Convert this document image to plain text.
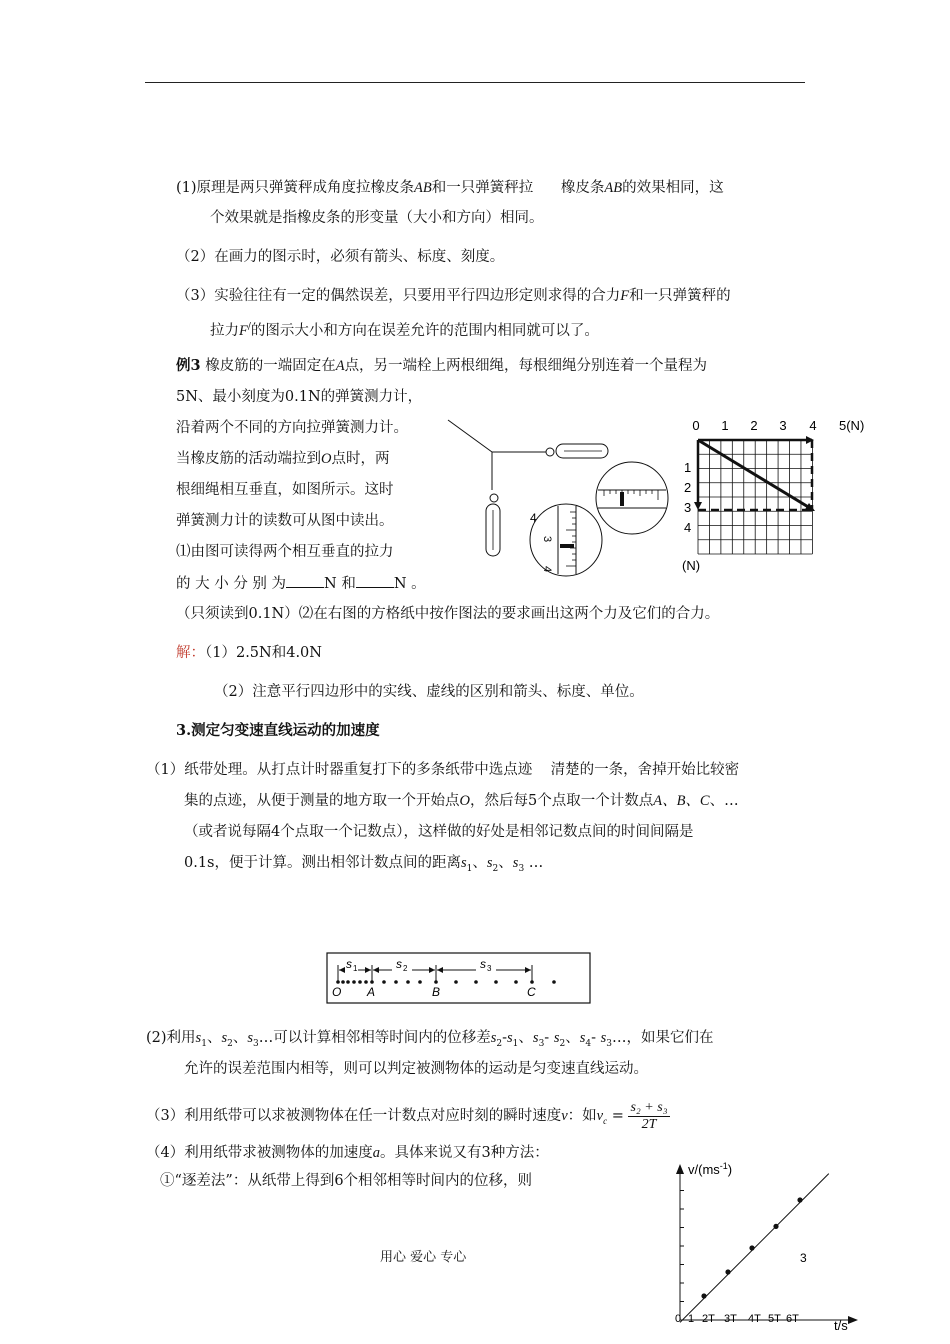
(1)原理是两只弹簧秤成角度拉橡皮条AB和一只弹簧秤拉 橡皮条AB的效果相同，这
个效果就是指橡皮条的形变量（大小和方向）相同。
（2）在画力的图示时，必须有箭头、标度、刻度。
（3）实验往往有一定的偶然误差，只要用平行四边形定则求得的合力F和一只弹簧秤的
拉力F/的图示大小和方向在误差允许的范围内相同就可以了。
例3 橡皮筋的一端固定在A点，另一端栓上两根细绳，每根细绳分别连着一个量程为
5N、最小刻度为0.1N的弹簧测力计，
沿着两个不同的方向拉弹簧测力计。
当橡皮筋的活动端拉到O点时，两
根细绳相互垂直，如图所示。这时
弹簧测力计的读数可从图中读出。
⑴由图可读得两个相互垂直的拉力
的 大 小 分 别 为	N 和	N 。
（只须读到0.1N）⑵在右图的方格纸中按作图法的要求画出这两个力及它们的合力。
4
3
4
0 1 2 3 4 5(N)
1
2
3
4
(N)
解：（1）2.5N和4.0N
（2）注意平行四边形中的实线、虚线的区别和箭头、标度、单位。
3.测定匀变速直线运动的加速度
（1）纸带处理。从打点计时器重复打下的多条纸带中选点迹 清楚的一条，舍掉开始比较密
集的点迹，从便于测量的地方取一个开始点O，然后每5个点取一个计数点A、B、C、…
（或者说每隔4个点取一个记数点），这样做的好处是相邻记数点间的时间间隔是
0.1s，便于计算。测出相邻计数点间的距离$s_1$、$s_2$、$s_3$ …
s 1	s 2	s 3
O A	B	C
(2)利用$s_1$、$s_2$、$s_3\dots$可以计算相邻相等时间内的位移差$s_2-s_1$、$s_3-$ $s_2$、$s_4-$ $s_3\dots$，如果它们在
允许的误差范围内相等，则可以判定被测物体的运动是匀变速直线运动。
（3）利用纸带可以求被测物体在任一计数点对应时刻的瞬时速度v：如$v_c = \frac{\text{s₂ + s₃}}{2T}$
（4）利用纸带求被测物体的加速度a。具体来说又有3种方法：
①“逐差法”：从纸带上得到6个相邻相等时间内的位移，则
$v/(ms^{-1})$
t/s
3
0 1 2T 3T 4T 5T 6T
用心 爱心 专心
